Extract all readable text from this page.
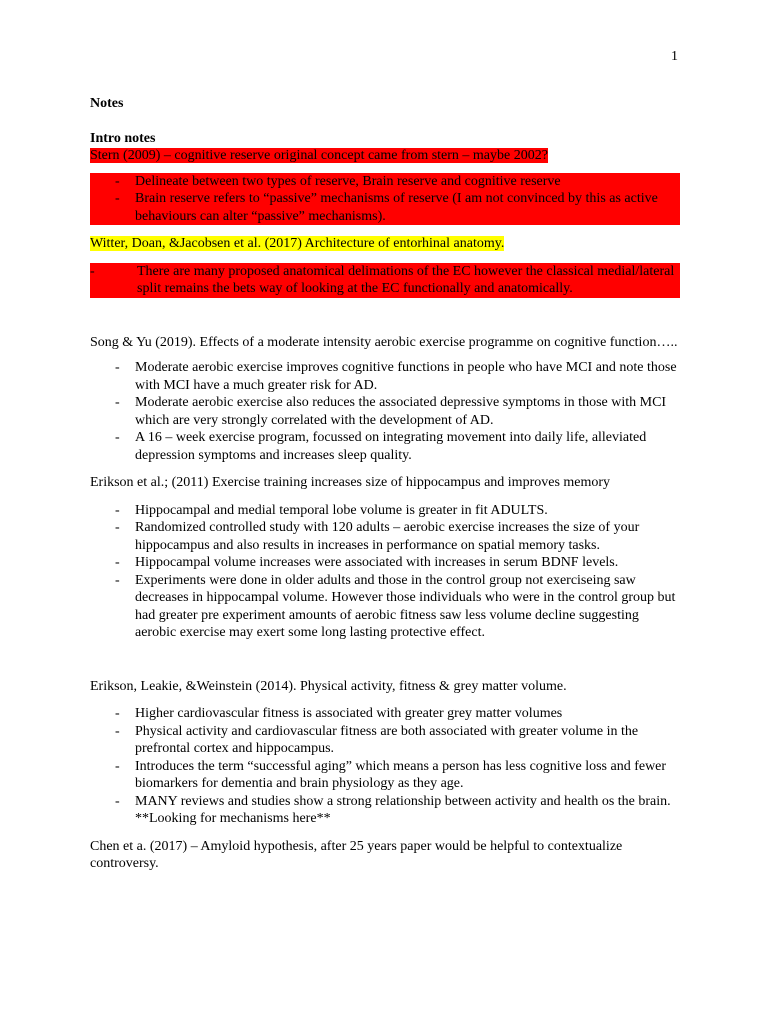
1

Notes

Intro notes

Stern (2009) – cognitive reserve original concept came from stern – maybe 2002?

- Delineate between two types of reserve, Brain reserve and cognitive reserve
- Brain reserve refers to “passive” mechanisms of reserve (I am not convinced by this as active behaviours can alter “passive” mechanisms).

Witter, Doan, &Jacobsen et al. (2017) Architecture of entorhinal anatomy.

-	There are many proposed anatomical delimations of the EC however the classical medial/lateral split remains the bets way of looking at the EC functionally and anatomically.

Song & Yu (2019). Effects of a moderate intensity aerobic exercise programme on cognitive function…..

- Moderate aerobic exercise improves cognitive functions in people who have MCI and note those with MCI have a much greater risk for AD.
- Moderate aerobic exercise also reduces the associated depressive symptoms in those with MCI which are very strongly correlated with the development of AD.
- A 16 – week exercise program, focussed on integrating movement into daily life, alleviated depression symptoms and increases sleep quality.

Erikson et al.; (2011) Exercise training increases size of hippocampus and improves memory

- Hippocampal and medial temporal lobe volume is greater in fit ADULTS.
- Randomized controlled study with 120 adults – aerobic exercise increases the size of your hippocampus and also results in increases in performance on spatial memory tasks.
- Hippocampal volume increases were associated with increases in serum BDNF levels.
- Experiments were done in older adults and those in the control group not exerciseing saw decreases in hippocampal volume. However those individuals who were in the control group but had greater pre experiment amounts of aerobic fitness saw less volume decline suggesting aerobic exercise may exert some long lasting protective effect.

Erikson, Leakie, &Weinstein (2014). Physical activity, fitness & grey matter volume.

- Higher cardiovascular fitness is associated with greater grey matter volumes
- Physical activity and cardiovascular fitness are both associated with greater volume in the prefrontal cortex and hippocampus.
- Introduces the term “successful aging” which means a person has less cognitive loss and fewer biomarkers for dementia and brain physiology as they age.
- MANY reviews and studies show a strong relationship between activity and health os the brain. **Looking for mechanisms here**

Chen et a. (2017) – Amyloid hypothesis, after 25 years paper would be helpful to contextualize controversy.
